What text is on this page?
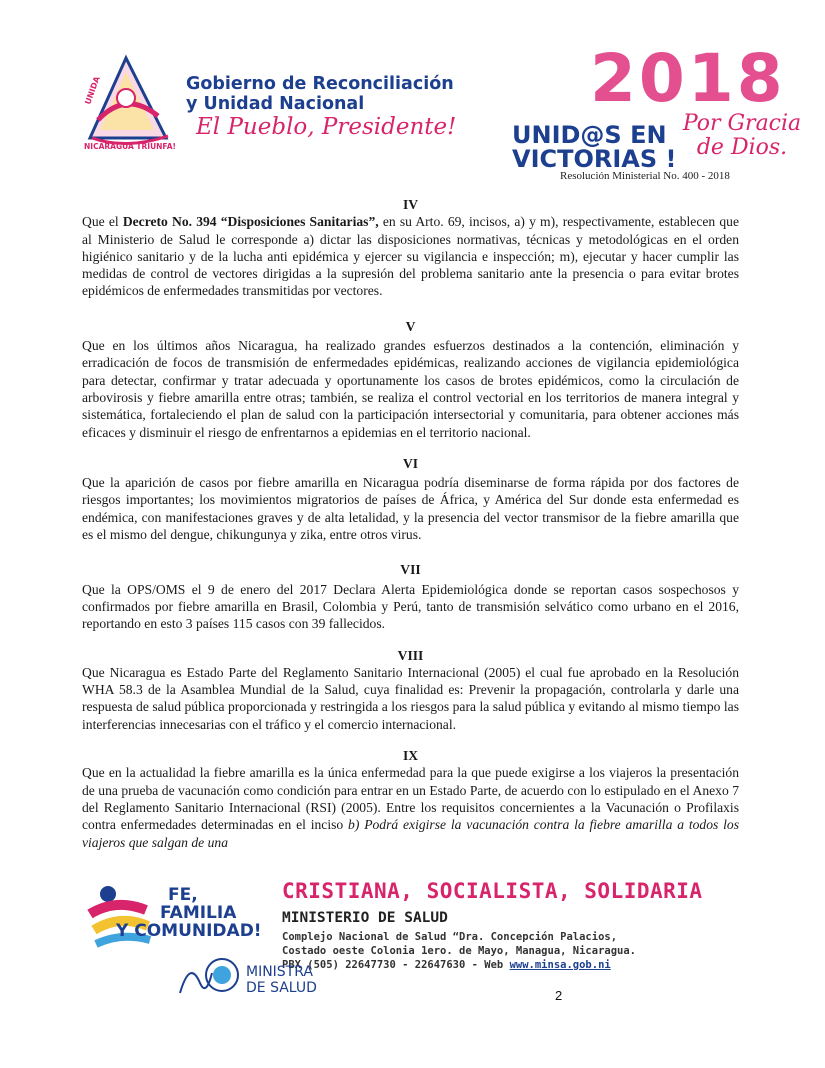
UNIDA
NICARAGUA TRIUNFA!
Gobierno de Reconciliación
y Unidad Nacional
El Pueblo, Presidente!
2018
UNID@S EN
VICTORIAS !
Por Gracia
de Dios.
Resolución Ministerial No. 400 - 2018

IV

Que el Decreto No. 394 “Disposiciones Sanitarias”, en su Arto. 69, incisos, a) y m), respectivamente, establecen que al Ministerio de Salud le corresponde a) dictar las disposiciones normativas, técnicas y metodológicas en el orden higiénico sanitario y de la lucha anti epidémica y ejercer su vigilancia e inspección; m), ejecutar y hacer cumplir las medidas de control de vectores dirigidas a la supresión del problema sanitario ante la presencia o para evitar brotes epidémicos de enfermedades transmitidas por vectores.

V

Que en los últimos años Nicaragua, ha realizado grandes esfuerzos destinados a la contención, eliminación y erradicación de focos de transmisión de enfermedades epidémicas, realizando acciones de vigilancia epidemiológica para detectar, confirmar y tratar adecuada y oportunamente los casos de brotes epidémicos, como la circulación de arbovirosis y fiebre amarilla entre otras; también, se realiza el control vectorial en los territorios de manera integral y sistemática, fortaleciendo el plan de salud con la participación intersectorial y comunitaria, para obtener acciones más eficaces y disminuir el riesgo de enfrentarnos a epidemias en el territorio nacional.

VI

Que la aparición de casos por fiebre amarilla en Nicaragua podría diseminarse de forma rápida por dos factores de riesgos importantes; los movimientos migratorios de países de África, y América del Sur donde esta enfermedad es endémica, con manifestaciones graves y de alta letalidad, y la presencia del vector transmisor de la fiebre amarilla que es el mismo del dengue, chikungunya y zika, entre otros virus.

VII

Que la OPS/OMS el 9 de enero del 2017 Declara Alerta Epidemiológica donde se reportan casos sospechosos y confirmados por fiebre amarilla en Brasil, Colombia y Perú, tanto de transmisión selvático como urbano en el 2016, reportando en esto 3 países 115 casos con 39 fallecidos.

VIII

Que Nicaragua es Estado Parte del Reglamento Sanitario Internacional (2005) el cual fue aprobado en la Resolución WHA 58.3 de la Asamblea Mundial de la Salud, cuya finalidad es: Prevenir la propagación, controlarla y darle una respuesta de salud pública proporcionada y restringida a los riesgos para la salud pública y evitando al mismo tiempo las interferencias innecesarias con el tráfico y el comercio internacional.

IX

Que en la actualidad la fiebre amarilla es la única enfermedad para la que puede exigirse a los viajeros la presentación de una prueba de vacunación como condición para entrar en un Estado Parte, de acuerdo con lo estipulado en el Anexo 7 del Reglamento Sanitario Internacional (RSI) (2005). Entre los requisitos concernientes a la Vacunación o Profilaxis contra enfermedades determinadas en el inciso b) Podrá exigirse la vacunación contra la fiebre amarilla a todos los viajeros que salgan de una

FE,
FAMILIA
Y COMUNIDAD!
CRISTIANA, SOCIALISTA, SOLIDARIA
MINISTERIO DE SALUD
Complejo Nacional de Salud “Dra. Concepción Palacios,
Costado oeste Colonia 1ero. de Mayo, Managua, Nicaragua.
PBX (505) 22647730 - 22647630 - Web www.minsa.gob.ni
MINISTRA
DE SALUD	2
